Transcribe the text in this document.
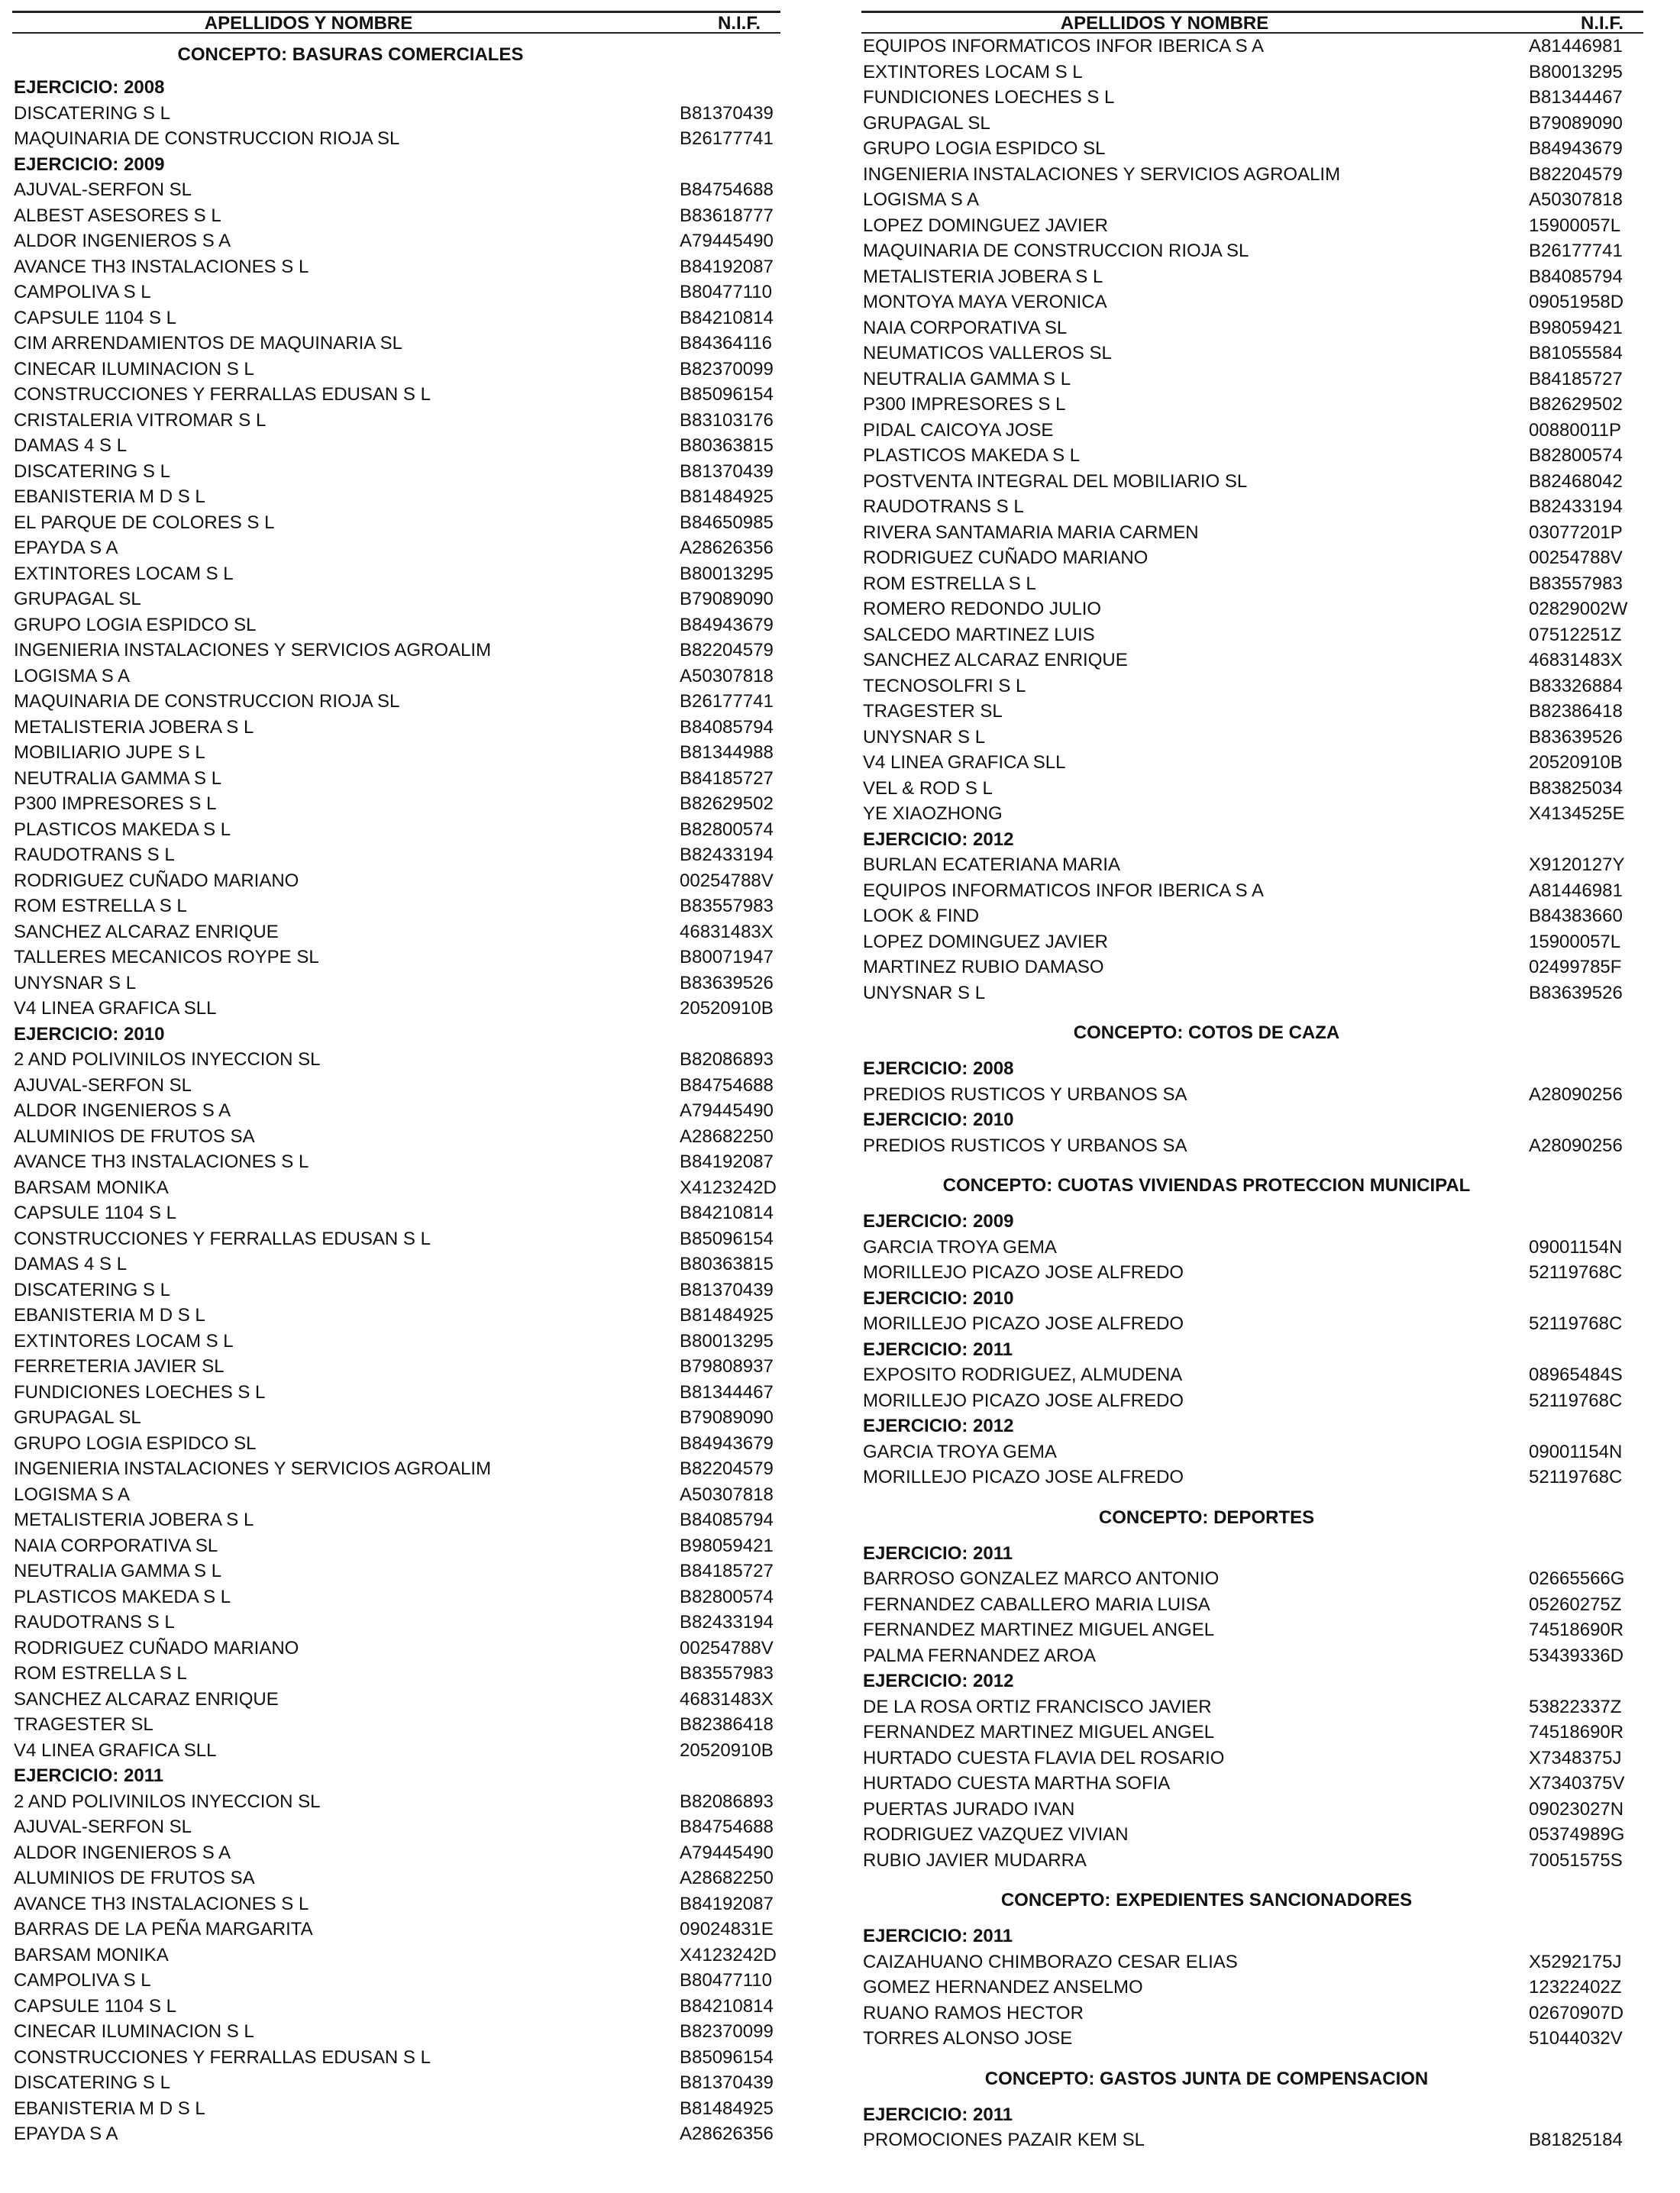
APELLIDOS Y NOMBRE	N.I.F.
CONCEPTO: BASURAS COMERCIALES
EJERCICIO: 2008
DISCATERING S L	B81370439
MAQUINARIA DE CONSTRUCCION RIOJA SL	B26177741
EJERCICIO: 2009
AJUVAL-SERFON SL	B84754688
ALBEST ASESORES S L	B83618777
ALDOR INGENIEROS S A	A79445490
AVANCE TH3 INSTALACIONES S L	B84192087
CAMPOLIVA S L	B80477110
CAPSULE 1104 S L	B84210814
CIM ARRENDAMIENTOS DE MAQUINARIA SL	B84364116
CINECAR ILUMINACION S L	B82370099
CONSTRUCCIONES Y FERRALLAS EDUSAN S L	B85096154
CRISTALERIA VITROMAR S L	B83103176
DAMAS 4 S L	B80363815
DISCATERING S L	B81370439
EBANISTERIA M D S L	B81484925
EL PARQUE DE COLORES S L	B84650985
EPAYDA S A	A28626356
EXTINTORES LOCAM S L	B80013295
GRUPAGAL SL	B79089090
GRUPO LOGIA ESPIDCO SL	B84943679
INGENIERIA INSTALACIONES Y SERVICIOS AGROALIM	B82204579
LOGISMA S A	A50307818
MAQUINARIA DE CONSTRUCCION RIOJA SL	B26177741
METALISTERIA JOBERA S L	B84085794
MOBILIARIO JUPE S L	B81344988
NEUTRALIA GAMMA S L	B84185727
P300 IMPRESORES S L	B82629502
PLASTICOS MAKEDA S L	B82800574
RAUDOTRANS S L	B82433194
RODRIGUEZ CUÑADO MARIANO	00254788V
ROM ESTRELLA S L	B83557983
SANCHEZ ALCARAZ ENRIQUE	46831483X
TALLERES MECANICOS ROYPE SL	B80071947
UNYSNAR S L	B83639526
V4 LINEA GRAFICA SLL	20520910B
EJERCICIO: 2010
2 AND POLIVINILOS INYECCION SL	B82086893
AJUVAL-SERFON SL	B84754688
ALDOR INGENIEROS S A	A79445490
ALUMINIOS DE FRUTOS SA	A28682250
AVANCE TH3 INSTALACIONES S L	B84192087
BARSAM MONIKA	X4123242D
CAPSULE 1104 S L	B84210814
CONSTRUCCIONES Y FERRALLAS EDUSAN S L	B85096154
DAMAS 4 S L	B80363815
DISCATERING S L	B81370439
EBANISTERIA M D S L	B81484925
EXTINTORES LOCAM S L	B80013295
FERRETERIA JAVIER SL	B79808937
FUNDICIONES LOECHES S L	B81344467
GRUPAGAL SL	B79089090
GRUPO LOGIA ESPIDCO SL	B84943679
INGENIERIA INSTALACIONES Y SERVICIOS AGROALIM	B82204579
LOGISMA S A	A50307818
METALISTERIA JOBERA S L	B84085794
NAIA CORPORATIVA SL	B98059421
NEUTRALIA GAMMA S L	B84185727
PLASTICOS MAKEDA S L	B82800574
RAUDOTRANS S L	B82433194
RODRIGUEZ CUÑADO MARIANO	00254788V
ROM ESTRELLA S L	B83557983
SANCHEZ ALCARAZ ENRIQUE	46831483X
TRAGESTER SL	B82386418
V4 LINEA GRAFICA SLL	20520910B
EJERCICIO: 2011
2 AND POLIVINILOS INYECCION SL	B82086893
AJUVAL-SERFON SL	B84754688
ALDOR INGENIEROS S A	A79445490
ALUMINIOS DE FRUTOS SA	A28682250
AVANCE TH3 INSTALACIONES S L	B84192087
BARRAS DE LA PEÑA MARGARITA	09024831E
BARSAM MONIKA	X4123242D
CAMPOLIVA S L	B80477110
CAPSULE 1104 S L	B84210814
CINECAR ILUMINACION S L	B82370099
CONSTRUCCIONES Y FERRALLAS EDUSAN S L	B85096154
DISCATERING S L	B81370439
EBANISTERIA M D S L	B81484925
EPAYDA S A	A28626356
APELLIDOS Y NOMBRE	N.I.F.
EQUIPOS INFORMATICOS INFOR IBERICA S A	A81446981
EXTINTORES LOCAM S L	B80013295
FUNDICIONES LOECHES S L	B81344467
GRUPAGAL SL	B79089090
GRUPO LOGIA ESPIDCO SL	B84943679
INGENIERIA INSTALACIONES Y SERVICIOS AGROALIM	B82204579
LOGISMA S A	A50307818
LOPEZ DOMINGUEZ JAVIER	15900057L
MAQUINARIA DE CONSTRUCCION RIOJA SL	B26177741
METALISTERIA JOBERA S L	B84085794
MONTOYA MAYA VERONICA	09051958D
NAIA CORPORATIVA SL	B98059421
NEUMATICOS VALLEROS SL	B81055584
NEUTRALIA GAMMA S L	B84185727
P300 IMPRESORES S L	B82629502
PIDAL CAICOYA JOSE	00880011P
PLASTICOS MAKEDA S L	B82800574
POSTVENTA INTEGRAL DEL MOBILIARIO SL	B82468042
RAUDOTRANS S L	B82433194
RIVERA SANTAMARIA MARIA CARMEN	03077201P
RODRIGUEZ CUÑADO MARIANO	00254788V
ROM ESTRELLA S L	B83557983
ROMERO REDONDO JULIO	02829002W
SALCEDO MARTINEZ LUIS	07512251Z
SANCHEZ ALCARAZ ENRIQUE	46831483X
TECNOSOLFRI S L	B83326884
TRAGESTER SL	B82386418
UNYSNAR S L	B83639526
V4 LINEA GRAFICA SLL	20520910B
VEL & ROD S L	B83825034
YE XIAOZHONG	X4134525E
EJERCICIO: 2012
BURLAN ECATERIANA MARIA	X9120127Y
EQUIPOS INFORMATICOS INFOR IBERICA S A	A81446981
LOOK & FIND	B84383660
LOPEZ DOMINGUEZ JAVIER	15900057L
MARTINEZ RUBIO DAMASO	02499785F
UNYSNAR S L	B83639526
CONCEPTO: COTOS DE CAZA
EJERCICIO: 2008
PREDIOS RUSTICOS Y URBANOS SA	A28090256
EJERCICIO: 2010
PREDIOS RUSTICOS Y URBANOS SA	A28090256
CONCEPTO: CUOTAS VIVIENDAS PROTECCION MUNICIPAL
EJERCICIO: 2009
GARCIA TROYA GEMA	09001154N
MORILLEJO PICAZO JOSE ALFREDO	52119768C
EJERCICIO: 2010
MORILLEJO PICAZO JOSE ALFREDO	52119768C
EJERCICIO: 2011
EXPOSITO RODRIGUEZ, ALMUDENA	08965484S
MORILLEJO PICAZO JOSE ALFREDO	52119768C
EJERCICIO: 2012
GARCIA TROYA GEMA	09001154N
MORILLEJO PICAZO JOSE ALFREDO	52119768C
CONCEPTO: DEPORTES
EJERCICIO: 2011
BARROSO GONZALEZ MARCO ANTONIO	02665566G
FERNANDEZ CABALLERO MARIA LUISA	05260275Z
FERNANDEZ MARTINEZ MIGUEL ANGEL	74518690R
PALMA FERNANDEZ AROA	53439336D
EJERCICIO: 2012
DE LA ROSA ORTIZ FRANCISCO JAVIER	53822337Z
FERNANDEZ MARTINEZ MIGUEL ANGEL	74518690R
HURTADO CUESTA FLAVIA DEL ROSARIO	X7348375J
HURTADO CUESTA MARTHA SOFIA	X7340375V
PUERTAS JURADO IVAN	09023027N
RODRIGUEZ VAZQUEZ VIVIAN	05374989G
RUBIO JAVIER MUDARRA	70051575S
CONCEPTO: EXPEDIENTES SANCIONADORES
EJERCICIO: 2011
CAIZAHUANO CHIMBORAZO CESAR ELIAS	X5292175J
GOMEZ HERNANDEZ ANSELMO	12322402Z
RUANO RAMOS HECTOR	02670907D
TORRES ALONSO JOSE	51044032V
CONCEPTO: GASTOS JUNTA DE COMPENSACION
EJERCICIO: 2011
PROMOCIONES PAZAIR KEM SL	B81825184
